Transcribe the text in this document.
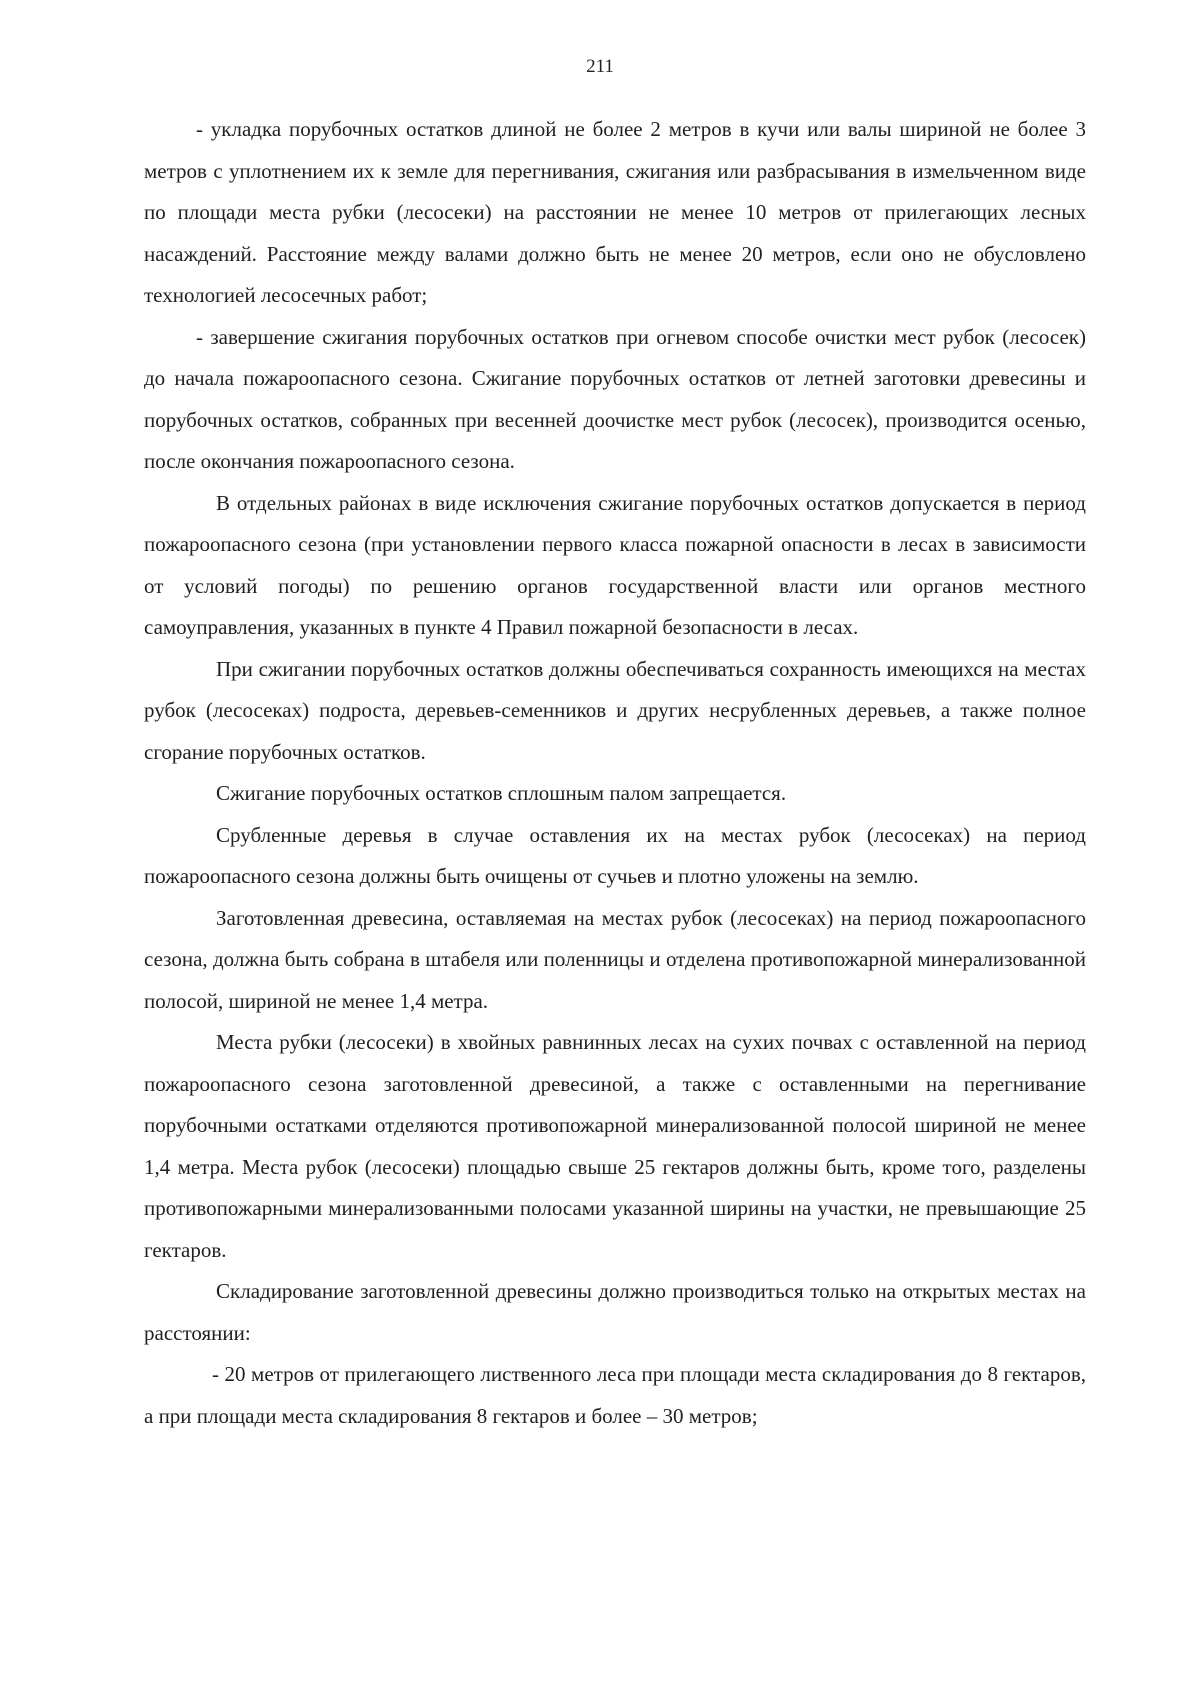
211

- укладка порубочных остатков длиной не более 2 метров в кучи или валы шириной не более 3 метров с уплотнением их к земле для перегнивания, сжигания или разбрасывания в измельченном виде по площади места рубки (лесосеки) на расстоянии не менее 10 метров от прилегающих лесных насаждений. Расстояние между валами должно быть не менее 20 метров, если оно не обусловлено технологией лесосечных работ;

- завершение сжигания порубочных остатков при огневом способе очистки мест рубок (лесосек) до начала пожароопасного сезона. Сжигание порубочных остатков от летней заготовки древесины и порубочных остатков, собранных при весенней доочистке мест рубок (лесосек), производится осенью, после окончания пожароопасного сезона.

В отдельных районах в виде исключения сжигание порубочных остатков допускается в период пожароопасного сезона (при установлении первого класса пожарной опасности в лесах в зависимости от условий погоды) по решению органов государственной власти или органов местного самоуправления, указанных в пункте 4 Правил пожарной безопасности в лесах.

При сжигании порубочных остатков должны обеспечиваться сохранность имеющихся на местах рубок (лесосеках) подроста, деревьев-семенников и других несрубленных деревьев, а также полное сгорание порубочных остатков.

Сжигание порубочных остатков сплошным палом запрещается.

Срубленные деревья в случае оставления их на местах рубок (лесосеках) на период пожароопасного сезона должны быть очищены от сучьев и плотно уложены на землю.

Заготовленная древесина, оставляемая на местах рубок (лесосеках) на период пожароопасного сезона, должна быть собрана в штабеля или поленницы и отделена противопожарной минерализованной полосой, шириной не менее 1,4 метра.

Места рубки (лесосеки) в хвойных равнинных лесах на сухих почвах с оставленной на период пожароопасного сезона заготовленной древесиной, а также с оставленными на перегнивание порубочными остатками отделяются противопожарной минерализованной полосой шириной не менее 1,4 метра. Места рубок (лесосеки) площадью свыше 25 гектаров должны быть, кроме того, разделены противопожарными минерализованными полосами указанной ширины на участки, не превышающие 25 гектаров.

Складирование заготовленной древесины должно производиться только на открытых местах на расстоянии:

- 20 метров от прилегающего лиственного леса при площади места складирования до 8 гектаров, а при площади места складирования 8 гектаров и более – 30 метров;
